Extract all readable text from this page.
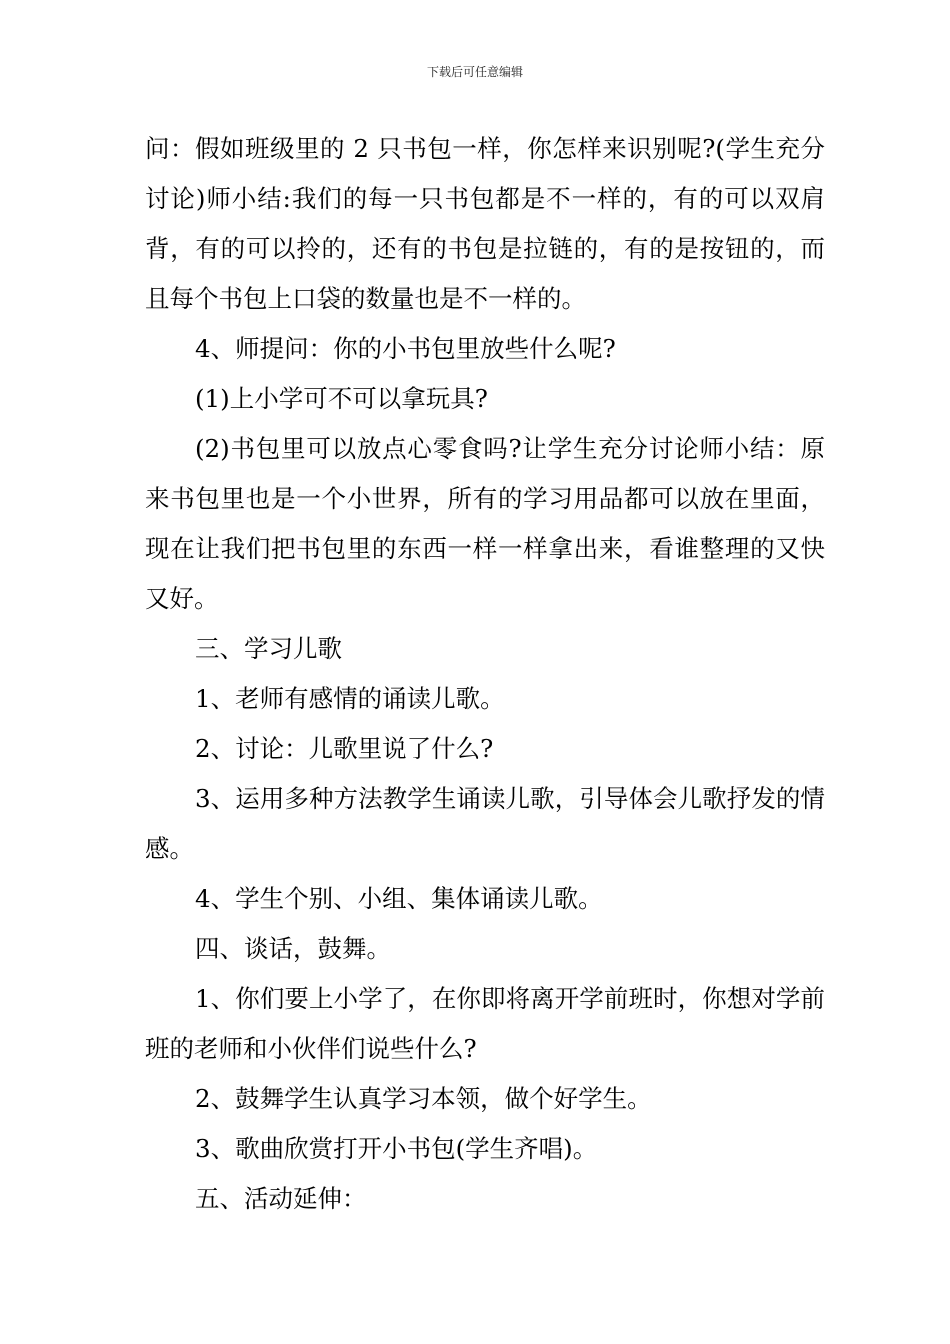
下载后可任意编辑

问：假如班级里的 2 只书包一样，你怎样来识别呢?(学生充分讨论)师小结:我们的每一只书包都是不一样的，有的可以双肩背，有的可以拎的，还有的书包是拉链的，有的是按钮的，而且每个书包上口袋的数量也是不一样的。

4、师提问：你的小书包里放些什么呢?

(1)上小学可不可以拿玩具?

(2)书包里可以放点心零食吗?让学生充分讨论师小结：原来书包里也是一个小世界，所有的学习用品都可以放在里面，现在让我们把书包里的东西一样一样拿出来，看谁整理的又快又好。

三、学习儿歌

1、老师有感情的诵读儿歌。

2、讨论：儿歌里说了什么?

3、运用多种方法教学生诵读儿歌，引导体会儿歌抒发的情感。

4、学生个别、小组、集体诵读儿歌。

四、谈话，鼓舞。

1、你们要上小学了，在你即将离开学前班时，你想对学前班的老师和小伙伴们说些什么?

2、鼓舞学生认真学习本领，做个好学生。

3、歌曲欣赏打开小书包(学生齐唱)。

五、活动延伸：
